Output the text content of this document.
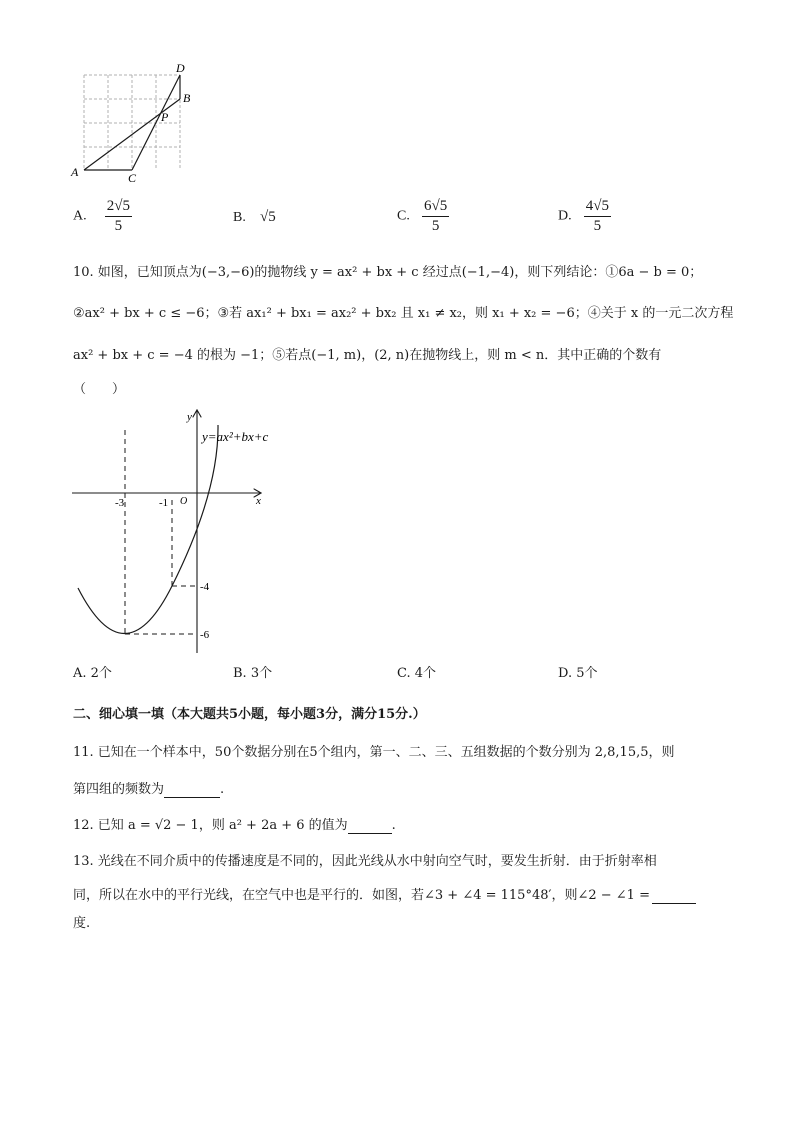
D
B
P
A	C
A. $\frac{2√5}{5}$	B. √5	C. $\frac{6√5}{5}$	D. $\frac{4√5}{5}$
10. 如图，已知顶点为(−3,−6)的抛物线 y = ax² + bx + c 经过点(−1,−4)，则下列结论：①6a − b = 0；
②ax² + bx + c ≤ −6；③若 ax₁² + bx₁ = ax₂² + bx₂ 且 x₁ ≠ x₂，则 x₁ + x₂ = −6；④关于 x 的一元二次方程
ax² + bx + c = −4 的根为 −1；⑤若点(−1, m)，(2, n)在抛物线上，则 m < n．其中正确的个数有
（　　）
y=ax²+bx+c
y
x
O
-3	-1
-4
-6
A. 2个	B. 3个	C. 4个	D. 5个
二、细心填一填（本大题共5小题，每小题3分，满分15分.）
11. 已知在一个样本中，50个数据分别在5个组内，第一、二、三、五组数据的个数分别为 2,8,15,5，则
第四组的频数为	.
12. 已知 a = √2 − 1，则 a² + 2a + 6 的值为	.
13. 光线在不同介质中的传播速度是不同的，因此光线从水中射向空气时，要发生折射．由于折射率相
同，所以在水中的平行光线，在空气中也是平行的．如图，若∠3 + ∠4 = 115°48′，则∠2 − ∠1 =
度.
